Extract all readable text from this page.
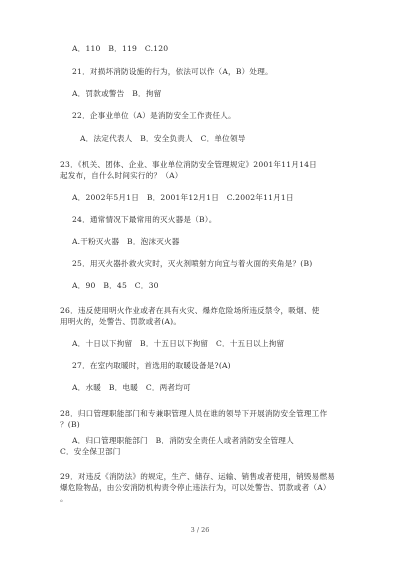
A．110　B．119　C.120

21．对损坏消防设施的行为，依法可以作（A，B）处理。

A．罚款或警告　B．拘留

22．企事业单位（A）是消防安全工作责任人。

A．法定代表人　B．安全负责人　C．单位领导

23．《机关、团体、企业、事业单位消防安全管理规定》2001年11月14日

起发布，自什么时间实行的？（A）

A．2002年5月1日　B．2001年12月1日　C.2002年11月1日

24．通常情况下最常用的灭火器是（B）。

A.干粉灭火器　B．泡沫灭火器

25．用灭火器扑救火灾时，灭火剂喷射方向宜与着火面的夹角是？(B)

A．90　B．45　C．30

26．违反使用明火作业或者在具有火灾、爆炸危险场所违反禁令，吸烟、使

用明火的，处警告、罚款或者(A)。

A．十日以下拘留　B．十五日以下拘留　C．十五日以上拘留

27．在室内取暖时，首选用的取暖设备是?(A)

A．水暖　B．电暖　C．两者均可

28．归口管理职能部门和专兼职管理人员在谁的领导下开展消防安全管理工作

？(B)

A．归口管理职能部门　B．消防安全责任人或者消防安全管理人

C．安全保卫部门

29．对违反《消防法》的规定，生产、储存、运输、销售或者使用，销毁易燃易

爆危险物品，由公安消防机构责令停止违法行为，可以处警告、罚款或者（A）

。

3 / 26
